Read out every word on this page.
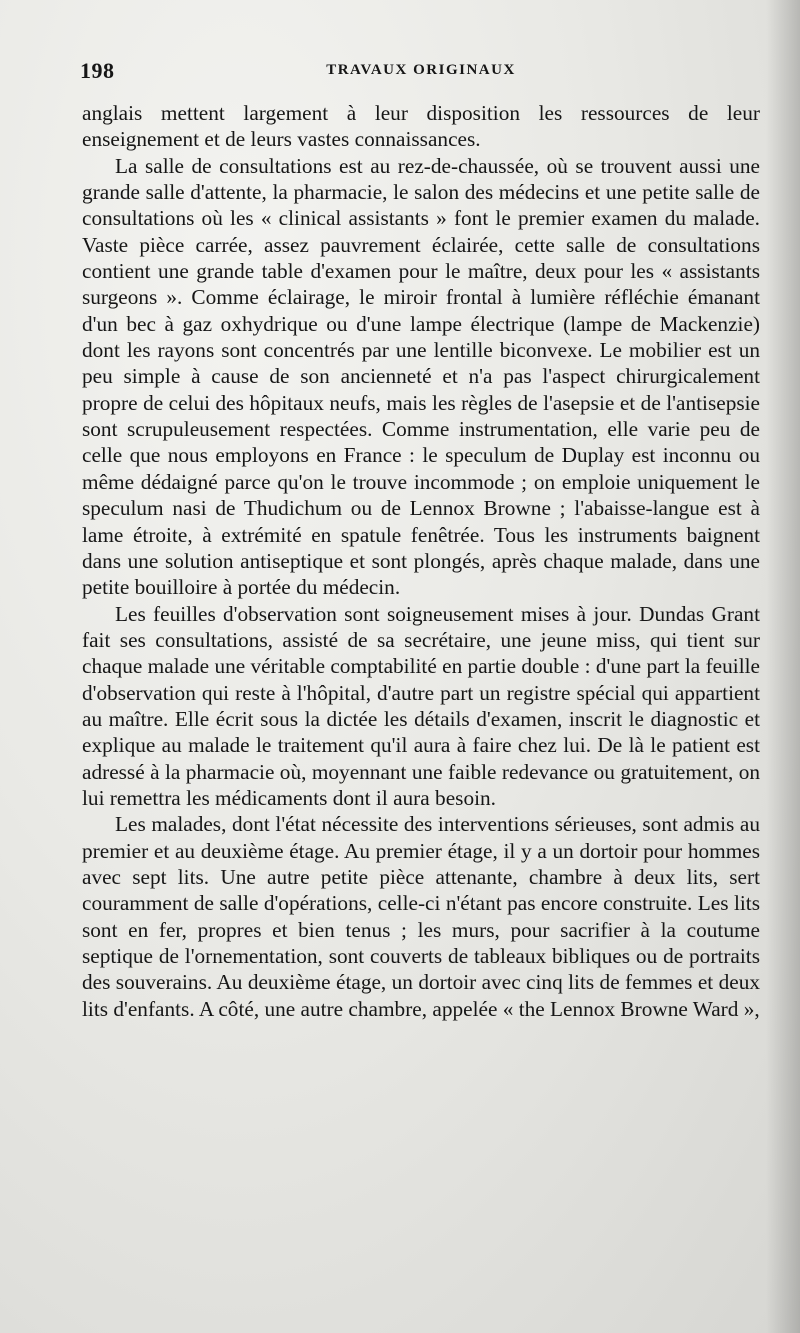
198	TRAVAUX ORIGINAUX

anglais mettent largement à leur disposition les ressources de leur enseignement et de leurs vastes connaissances.

La salle de consultations est au rez-de-chaussée, où se trouvent aussi une grande salle d'attente, la pharmacie, le salon des médecins et une petite salle de consultations où les « clinical assistants » font le premier examen du malade. Vaste pièce carrée, assez pauvrement éclairée, cette salle de consultations contient une grande table d'examen pour le maître, deux pour les « assistants surgeons ». Comme éclairage, le miroir frontal à lumière réfléchie émanant d'un bec à gaz oxhydrique ou d'une lampe électrique (lampe de Mackenzie) dont les rayons sont concentrés par une lentille biconvexe. Le mobilier est un peu simple à cause de son ancienneté et n'a pas l'aspect chirurgicalement propre de celui des hôpitaux neufs, mais les règles de l'asepsie et de l'antisepsie sont scrupuleusement respectées. Comme instrumentation, elle varie peu de celle que nous employons en France : le speculum de Duplay est inconnu ou même dédaigné parce qu'on le trouve incommode ; on emploie uniquement le speculum nasi de Thudichum ou de Lennox Browne ; l'abaisse-langue est à lame étroite, à extrémité en spatule fenêtrée. Tous les instruments baignent dans une solution antiseptique et sont plongés, après chaque malade, dans une petite bouilloire à portée du médecin.

Les feuilles d'observation sont soigneusement mises à jour. Dundas Grant fait ses consultations, assisté de sa secrétaire, une jeune miss, qui tient sur chaque malade une véritable comptabilité en partie double : d'une part la feuille d'observation qui reste à l'hôpital, d'autre part un registre spécial qui appartient au maître. Elle écrit sous la dictée les détails d'examen, inscrit le diagnostic et explique au malade le traitement qu'il aura à faire chez lui. De là le patient est adressé à la pharmacie où, moyennant une faible redevance ou gratuitement, on lui remettra les médicaments dont il aura besoin.

Les malades, dont l'état nécessite des interventions sérieuses, sont admis au premier et au deuxième étage. Au premier étage, il y a un dortoir pour hommes avec sept lits. Une autre petite pièce attenante, chambre à deux lits, sert couramment de salle d'opérations, celle-ci n'étant pas encore construite. Les lits sont en fer, propres et bien tenus ; les murs, pour sacrifier à la coutume septique de l'ornementation, sont couverts de tableaux bibliques ou de portraits des souverains. Au deuxième étage, un dortoir avec cinq lits de femmes et deux lits d'enfants. A côté, une autre chambre, appelée « the Lennox Browne Ward »,
